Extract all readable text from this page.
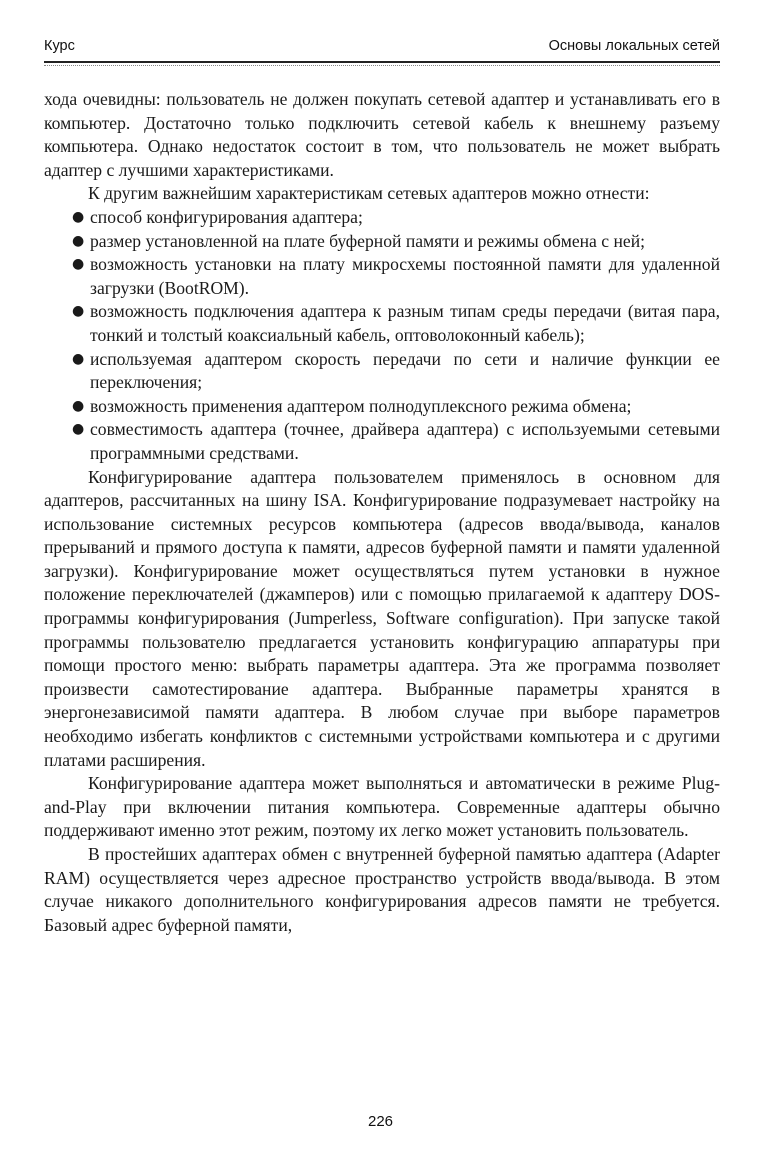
Курс	Основы локальных сетей

хода очевидны: пользователь не должен покупать сетевой адаптер и устанавливать его в компьютер. Достаточно только подключить сетевой кабель к внешнему разъему компьютера. Однако недостаток состоит в том, что пользователь не может выбрать адаптер с лучшими характеристиками.

К другим важнейшим характеристикам сетевых адаптеров можно отнести:

● способ конфигурирования адаптера;
● размер установленной на плате буферной памяти и режимы обмена с ней;
● возможность установки на плату микросхемы постоянной памяти для удаленной загрузки (BootROM).
● возможность подключения адаптера к разным типам среды передачи (витая пара, тонкий и толстый коаксиальный кабель, оптоволоконный кабель);
● используемая адаптером скорость передачи по сети и наличие функции ее переключения;
● возможность применения адаптером полнодуплексного режима обмена;
● совместимость адаптера (точнее, драйвера адаптера) с используемыми сетевыми программными средствами.

Конфигурирование адаптера пользователем применялось в основном для адаптеров, рассчитанных на шину ISA. Конфигурирование подразумевает настройку на использование системных ресурсов компьютера (адресов ввода/вывода, каналов прерываний и прямого доступа к памяти, адресов буферной памяти и памяти удаленной загрузки). Конфигурирование может осуществляться путем установки в нужное положение переключателей (джамперов) или с помощью прилагаемой к адаптеру DOS-программы конфигурирования (Jumperless, Software configuration). При запуске такой программы пользователю предлагается установить конфигурацию аппаратуры при помощи простого меню: выбрать параметры адаптера. Эта же программа позволяет произвести самотестирование адаптера. Выбранные параметры хранятся в энергонезависимой памяти адаптера. В любом случае при выборе параметров необходимо избегать конфликтов с системными устройствами компьютера и с другими платами расширения.

Конфигурирование адаптера может выполняться и автоматически в режиме Plug-and-Play при включении питания компьютера. Современные адаптеры обычно поддерживают именно этот режим, поэтому их легко может установить пользователь.

В простейших адаптерах обмен с внутренней буферной памятью адаптера (Adapter RAM) осуществляется через адресное пространство устройств ввода/вывода. В этом случае никакого дополнительного конфигурирования адресов памяти не требуется. Базовый адрес буферной памяти,

226
